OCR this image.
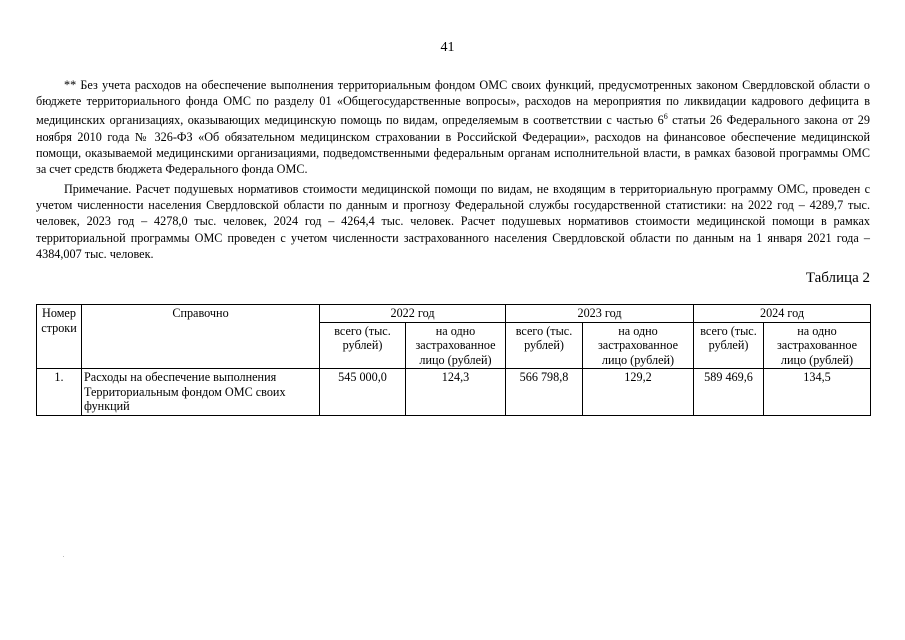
41

** Без учета расходов на обеспечение выполнения территориальным фондом ОМС своих функций, предусмотренных законом Свердловской области о бюджете территориального фонда ОМС по разделу 01 «Общегосударственные вопросы», расходов на мероприятия по ликвидации кадрового дефицита в медицинских организациях, оказывающих медицинскую помощь по видам, определяемым в соответствии с частью $6^6$ статьи 26 Федерального закона от 29 ноября 2010 года № 326-ФЗ «Об обязательном медицинском страховании в Российской Федерации», расходов на финансовое обеспечение медицинской помощи, оказываемой медицинскими организациями, подведомственными федеральным органам исполнительной власти, в рамках базовой программы ОМС за счет средств бюджета Федерального фонда ОМС.

Примечание. Расчет подушевых нормативов стоимости медицинской помощи по видам, не входящим в территориальную программу ОМС, проведен с учетом численности населения Свердловской области по данным и прогнозу Федеральной службы государственной статистики: на 2022 год – 4289,7 тыс. человек, 2023 год – 4278,0 тыс. человек, 2024 год – 4264,4 тыс. человек. Расчет подушевых нормативов стоимости медицинской помощи в рамках территориальной программы ОМС проведен с учетом численности застрахованного населения Свердловской области по данным на 1 января 2021 года – 4384,007 тыс. человек.

Таблица 2
Номер строки	Справочно	2022 год		2023 год		2024 год	
		всего (тыс. рублей)	на одно застрахованное лицо (рублей)	всего (тыс. рублей)	на одно застрахованное лицо (рублей)	всего (тыс. рублей)	на одно застрахованное лицо (рублей)
1.	Расходы на обеспечение выполнения Территориальным фондом ОМС своих функций	545 000,0	124,3	566 798,8	129,2	589 469,6	134,5
